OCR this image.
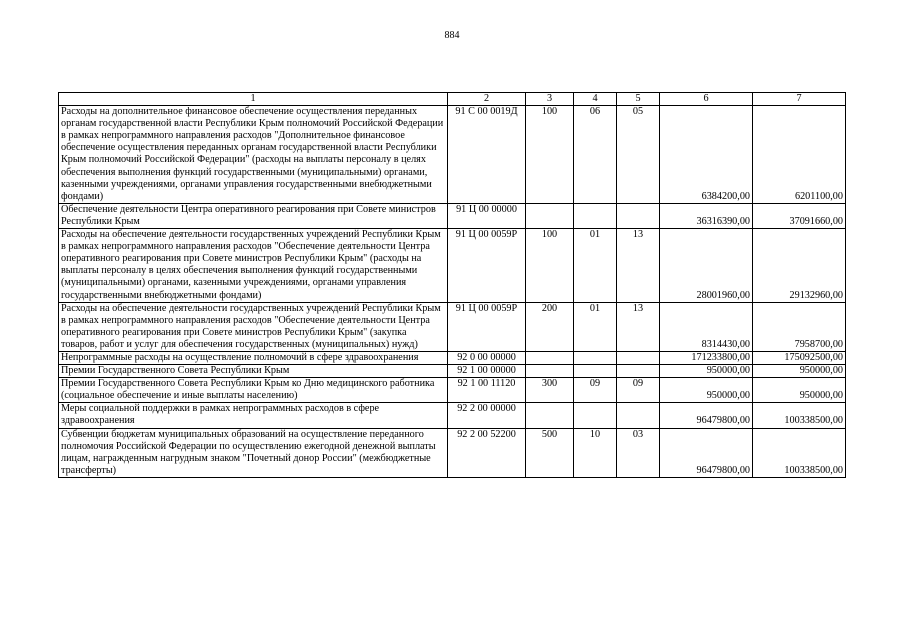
884
1	2	3	4	5	6	7
Расходы на дополнительное финансовое обеспечение осуществления переданных органам государственной власти Республики Крым полномочий Российской Федерации в рамках непрограммного направления расходов "Дополнительное финансовое обеспечение осуществления переданных органам государственной власти Республики Крым полномочий Российской Федерации" (расходы на выплаты персоналу в целях обеспечения выполнения функций государственными (муниципальными) органами, казенными учреждениями, органами управления государственными внебюджетными фондами)	91 С 00 0019Д	100	06	05	6384200,00	6201100,00
Обеспечение деятельности Центра оперативного реагирования при Совете министров Республики Крым	91 Ц 00 00000				36316390,00	37091660,00
Расходы на обеспечение деятельности государственных учреждений Республики Крым в рамках непрограммного направления расходов "Обеспечение деятельности Центра оперативного реагирования при Совете министров Республики Крым" (расходы на выплаты персоналу в целях обеспечения выполнения функций государственными (муниципальными) органами, казенными учреждениями, органами управления государственными внебюджетными фондами)	91 Ц 00 0059Р	100	01	13	28001960,00	29132960,00
Расходы на обеспечение деятельности государственных учреждений Республики Крым в рамках непрограммного направления расходов "Обеспечение деятельности Центра оперативного реагирования при Совете министров Республики Крым" (закупка товаров, работ и услуг для обеспечения государственных (муниципальных) нужд)	91 Ц 00 0059Р	200	01	13	8314430,00	7958700,00
Непрограммные расходы на осуществление полномочий в сфере здравоохранения	92 0 00 00000				171233800,00	175092500,00
Премии Государственного Совета Республики Крым	92 1 00 00000				950000,00	950000,00
Премии Государственного Совета Республики Крым ко Дню медицинского работника (социальное обеспечение и иные выплаты населению)	92 1 00 11120	300	09	09	950000,00	950000,00
Меры социальной поддержки в рамках непрограммных расходов в сфере здравоохранения	92 2 00 00000				96479800,00	100338500,00
Субвенции бюджетам муниципальных образований на осуществление переданного полномочия Российской Федерации по осуществлению ежегодной денежной выплаты лицам, награжденным нагрудным знаком "Почетный донор России" (межбюджетные трансферты)	92 2 00 52200	500	10	03	96479800,00	100338500,00
